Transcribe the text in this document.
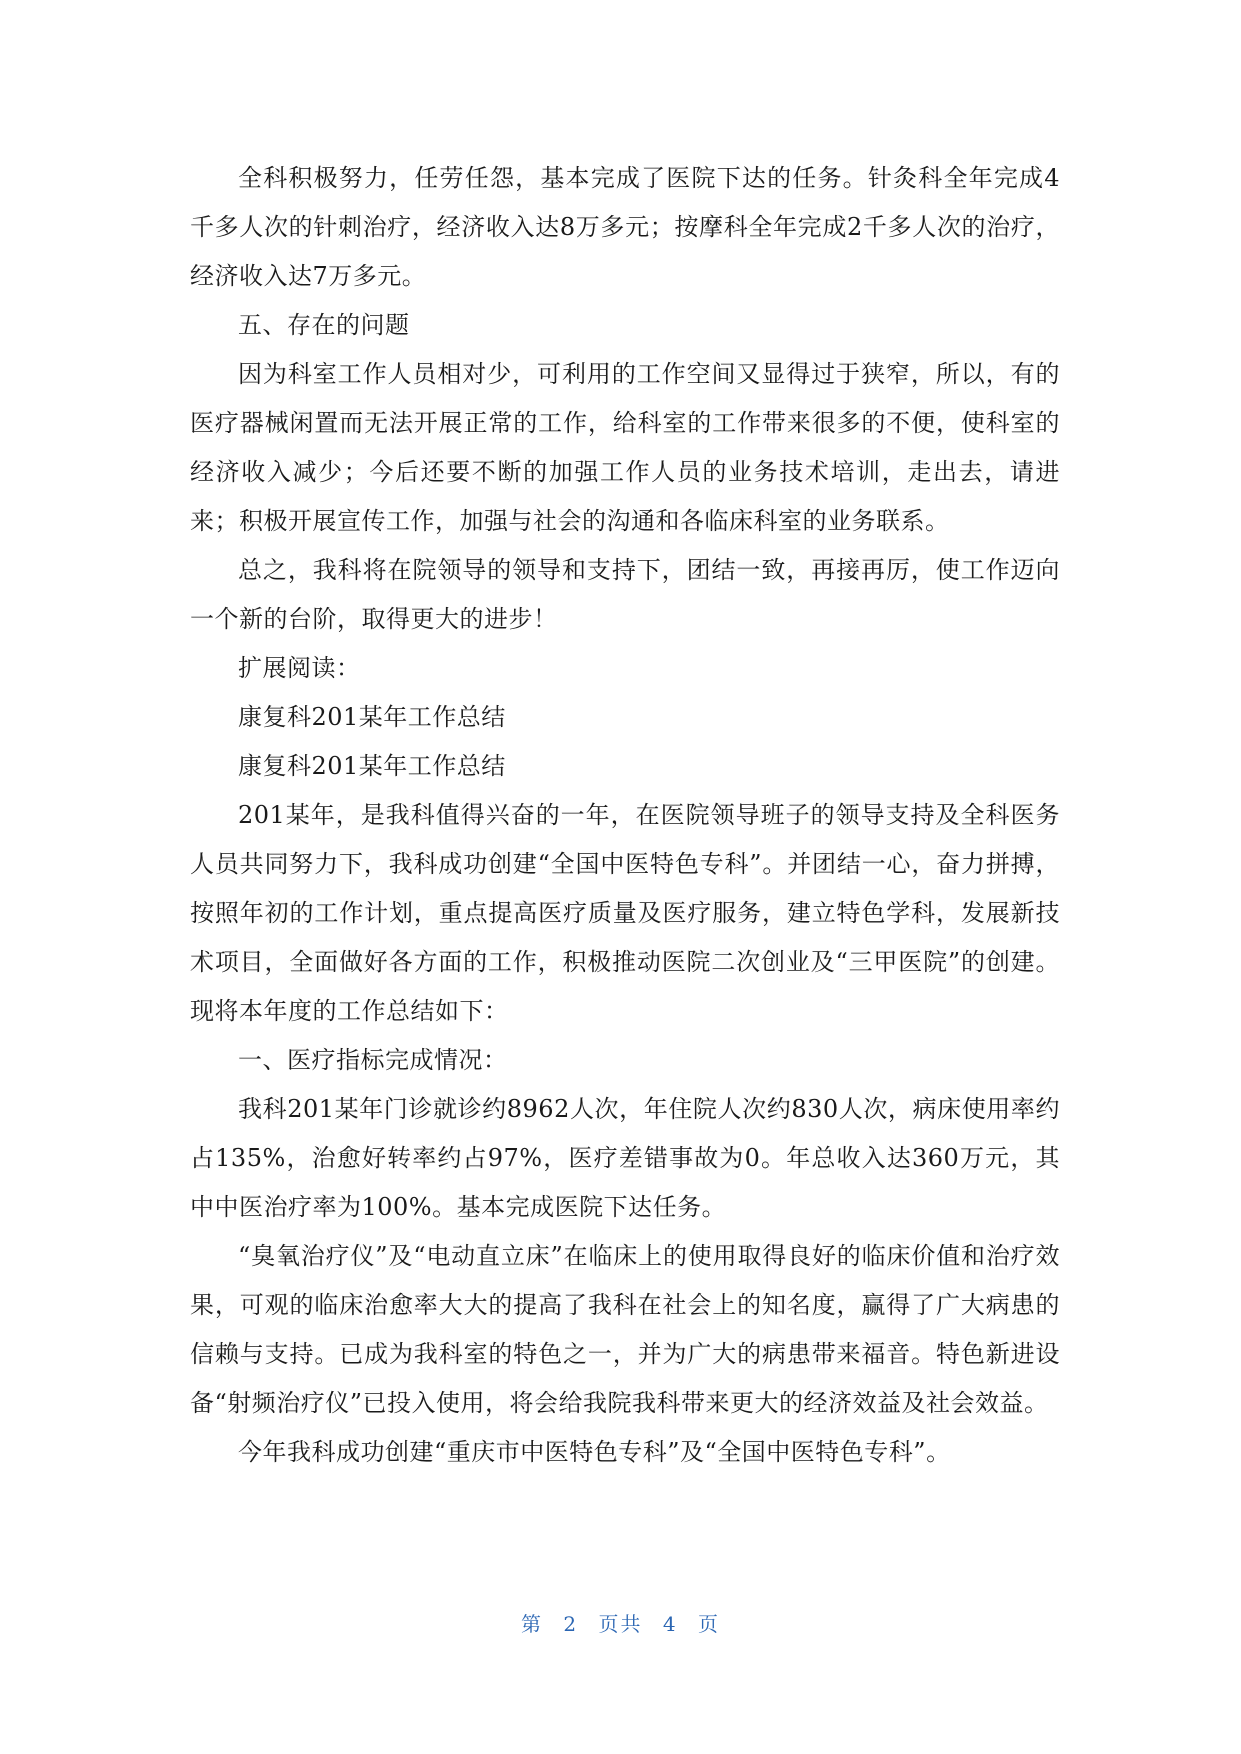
全科积极努力，任劳任怨，基本完成了医院下达的任务。针灸科全年完成4千多人次的针刺治疗，经济收入达8万多元；按摩科全年完成2千多人次的治疗，经济收入达7万多元。

五、存在的问题

因为科室工作人员相对少，可利用的工作空间又显得过于狭窄，所以，有的医疗器械闲置而无法开展正常的工作，给科室的工作带来很多的不便，使科室的经济收入减少；今后还要不断的加强工作人员的业务技术培训，走出去，请进来；积极开展宣传工作，加强与社会的沟通和各临床科室的业务联系。

总之，我科将在院领导的领导和支持下，团结一致，再接再厉，使工作迈向一个新的台阶，取得更大的进步！

扩展阅读：

康复科201某年工作总结

康复科201某年工作总结

201某年，是我科值得兴奋的一年，在医院领导班子的领导支持及全科医务人员共同努力下，我科成功创建“全国中医特色专科”。并团结一心，奋力拼搏，按照年初的工作计划，重点提高医疗质量及医疗服务，建立特色学科，发展新技术项目，全面做好各方面的工作，积极推动医院二次创业及“三甲医院”的创建。现将本年度的工作总结如下：

一、医疗指标完成情况：

我科201某年门诊就诊约8962人次，年住院人次约830人次，病床使用率约占135%，治愈好转率约占97%，医疗差错事故为0。年总收入达360万元，其中中医治疗率为100%。基本完成医院下达任务。

“臭氧治疗仪”及“电动直立床”在临床上的使用取得良好的临床价值和治疗效果，可观的临床治愈率大大的提高了我科在社会上的知名度，赢得了广大病患的信赖与支持。已成为我科室的特色之一，并为广大的病患带来福音。特色新进设备“射频治疗仪”已投入使用，将会给我院我科带来更大的经济效益及社会效益。

今年我科成功创建“重庆市中医特色专科”及“全国中医特色专科”。

第 2 页共 4 页
